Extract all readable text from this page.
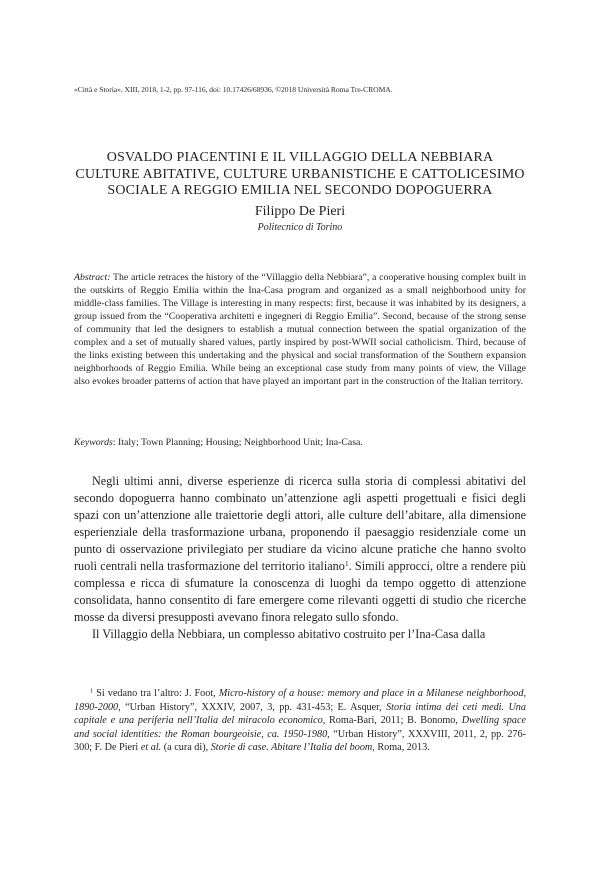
«Città e Storia», XIII, 2018, 1-2, pp. 97-116, doi: 10.17426/68936, ©2018 Università Roma Tre-CROMA.
OSVALDO PIACENTINI E IL VILLAGGIO DELLA NEBBIARA
CULTURE ABITATIVE, CULTURE URBANISTICHE E CATTOLICESIMO
SOCIALE A REGGIO EMILIA NEL SECONDO DOPOGUERRA
Filippo De Pieri
Politecnico di Torino

Abstract: The article retraces the history of the “Villaggio della Nebbiara”, a cooperative housing complex built in the outskirts of Reggio Emilia within the Ina-Casa program and organized as a small neighborhood unity for middle-class families. The Village is interesting in many respects: first, because it was inhabited by its designers, a group issued from the “Cooperativa architetti e ingegneri di Reggio Emilia”. Second, because of the strong sense of community that led the designers to establish a mutual connection between the spatial organization of the complex and a set of mutually shared values, partly inspired by post-WWII social catholicism. Third, because of the links existing between this undertaking and the physical and social transformation of the Southern expansion neighborhoods of Reggio Emilia. While being an exceptional case study from many points of view, the Village also evokes broader patterns of action that have played an important part in the construction of the Italian territory.

Keywords: Italy; Town Planning; Housing; Neighborhood Unit; Ina-Casa.

Negli ultimi anni, diverse esperienze di ricerca sulla storia di complessi abitativi del secondo dopoguerra hanno combinato un’attenzione agli aspetti progettuali e fisici degli spazi con un’attenzione alle traiettorie degli attori, alle culture dell’abitare, alla dimensione esperienziale della trasformazione urbana, proponendo il paesaggio residenziale come un punto di osservazione privilegiato per studiare da vicino alcune pratiche che hanno svolto ruoli centrali nella trasformazione del territorio italiano$^1$. Simili approcci, oltre a rendere più complessa e ricca di sfumature la conoscenza di luoghi da tempo oggetto di attenzione consolidata, hanno consentito di fare emergere come rilevanti oggetti di studio che ricerche mosse da diversi presupposti avevano finora relegato sullo sfondo.

Il Villaggio della Nebbiara, un complesso abitativo costruito per l’Ina-Casa dalla

$^1$ Si vedano tra l’altro: J. Foot, Micro-history of a house: memory and place in a Milanese neighborhood, 1890-2000, “Urban History”, XXXIV, 2007, 3, pp. 431-453; E. Asquer, Storia intima dei ceti medi. Una capitale e una periferia nell’Italia del miracolo economico, Roma-Bari, 2011; B. Bonomo, Dwelling space and social identities: the Roman bourgeoisie, ca. 1950-1980, “Urban History”, XXXVIII, 2011, 2, pp. 276-300; F. De Pieri et al. (a cura di), Storie di case. Abitare l’Italia del boom, Roma, 2013.
